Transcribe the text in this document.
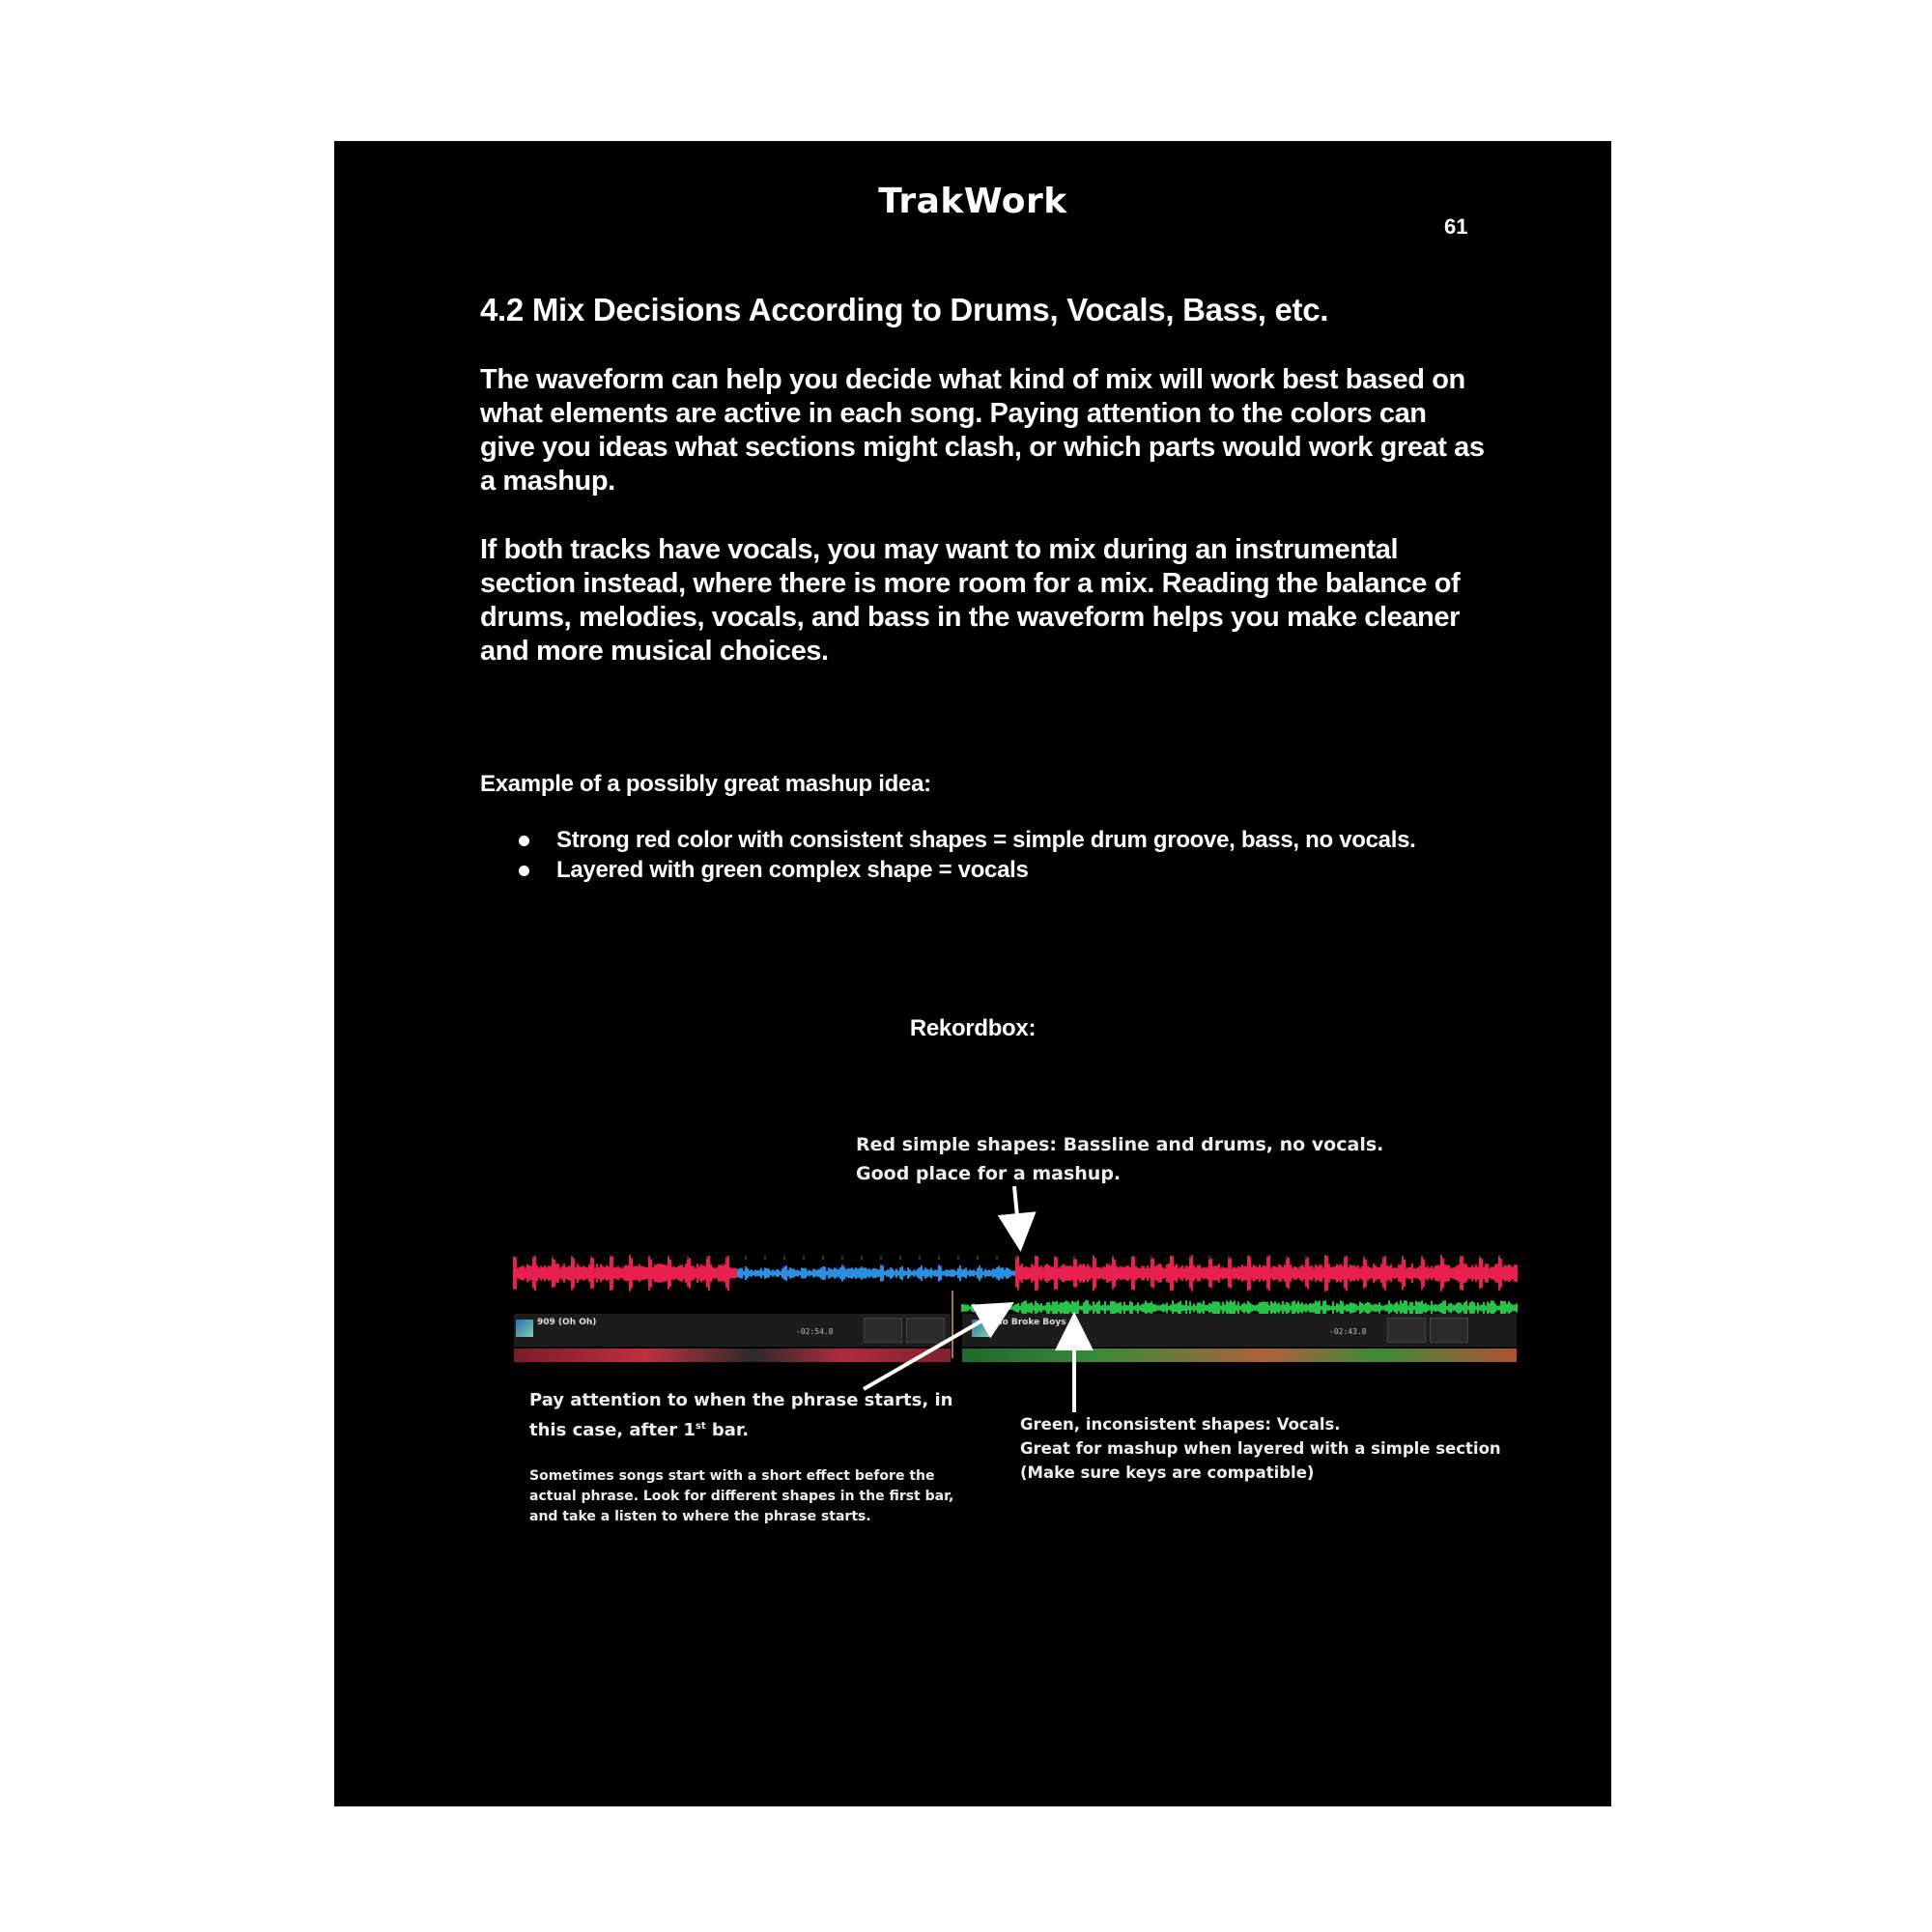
TrakWork
61
4.2 Mix Decisions According to Drums, Vocals, Bass, etc.

The waveform can help you decide what kind of mix will work best based on what elements are active in each song. Paying attention to the colors can give you ideas what sections might clash, or which parts would work great as a mashup.

If both tracks have vocals, you may want to mix during an instrumental section instead, where there is more room for a mix. Reading the balance of drums, melodies, vocals, and bass in the waveform helps you make cleaner and more musical choices.

Example of a possibly great mashup idea:
Strong red color with consistent shapes = simple drum groove, bass, no vocals.
Layered with green complex shape = vocals
Rekordbox:
Red simple shapes: Bassline and drums, no vocals.
Good place for a mashup.
909 (Oh Oh)
-02:54.8
No Broke Boys
-02:43.8
Pay attention to when the phrase starts, in
this case, after 1st bar.
Sometimes songs start with a short effect before the
actual phrase. Look for different shapes in the first bar,
and take a listen to where the phrase starts.
Green, inconsistent shapes: Vocals.
Great for mashup when layered with a simple section
(Make sure keys are compatible)
